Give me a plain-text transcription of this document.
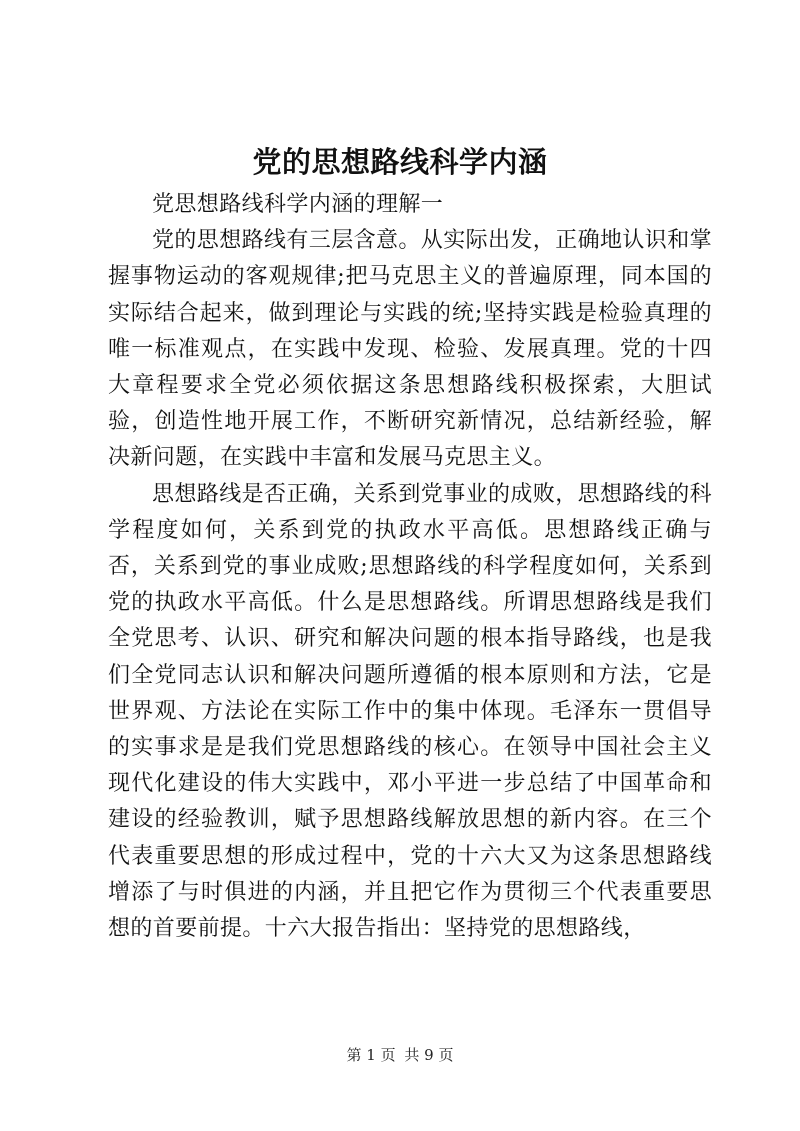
党的思想路线科学内涵

党思想路线科学内涵的理解一

党的思想路线有三层含意。从实际出发，正确地认识和掌握事物运动的客观规律;把马克思主义的普遍原理，同本国的实际结合起来，做到理论与实践的统;坚持实践是检验真理的唯一标准观点，在实践中发现、检验、发展真理。党的十四大章程要求全党必须依据这条思想路线积极探索，大胆试验，创造性地开展工作，不断研究新情况，总结新经验，解决新问题，在实践中丰富和发展马克思主义。

思想路线是否正确，关系到党事业的成败，思想路线的科学程度如何，关系到党的执政水平高低。思想路线正确与否，关系到党的事业成败;思想路线的科学程度如何，关系到党的执政水平高低。什么是思想路线。所谓思想路线是我们全党思考、认识、研究和解决问题的根本指导路线，也是我们全党同志认识和解决问题所遵循的根本原则和方法，它是世界观、方法论在实际工作中的集中体现。毛泽东一贯倡导的实事求是是我们党思想路线的核心。在领导中国社会主义现代化建设的伟大实践中，邓小平进一步总结了中国革命和建设的经验教训，赋予思想路线解放思想的新内容。在三个代表重要思想的形成过程中，党的十六大又为这条思想路线增添了与时俱进的内涵，并且把它作为贯彻三个代表重要思想的首要前提。十六大报告指出：坚持党的思想路线，

第 1 页 共 9 页
